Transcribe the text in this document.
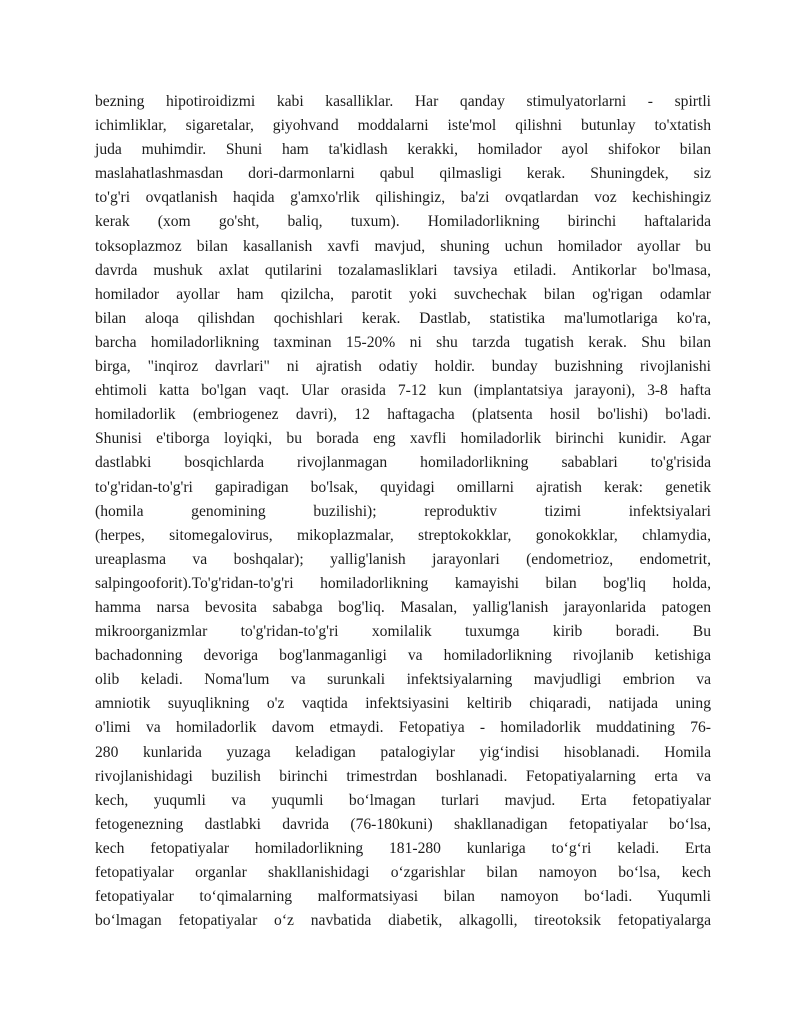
bezning hipotiroidizmi kabi kasalliklar. Har qanday stimulyatorlarni - spirtli
ichimliklar, sigaretalar, giyohvand moddalarni iste'mol qilishni butunlay to'xtatish
juda muhimdir. Shuni ham ta'kidlash kerakki, homilador ayol shifokor bilan
maslahatlashmasdan dori-darmonlarni qabul qilmasligi kerak. Shuningdek, siz
to'g'ri ovqatlanish haqida g'amxo'rlik qilishingiz, ba'zi ovqatlardan voz kechishingiz
kerak (xom go'sht, baliq, tuxum). Homiladorlikning birinchi haftalarida
toksoplazmoz bilan kasallanish xavfi mavjud, shuning uchun homilador ayollar bu
davrda mushuk axlat qutilarini tozalamasliklari tavsiya etiladi. Antikorlar bo'lmasa,
homilador ayollar ham qizilcha, parotit yoki suvchechak bilan og'rigan odamlar
bilan aloqa qilishdan qochishlari kerak. Dastlab, statistika ma'lumotlariga ko'ra,
barcha homiladorlikning taxminan 15-20% ni shu tarzda tugatish kerak. Shu bilan
birga, "inqiroz davrlari" ni ajratish odatiy holdir. bunday buzishning rivojlanishi
ehtimoli katta bo'lgan vaqt. Ular orasida 7-12 kun (implantatsiya jarayoni), 3-8 hafta
homiladorlik (embriogenez davri), 12 haftagacha (platsenta hosil bo'lishi) bo'ladi.
Shunisi e'tiborga loyiqki, bu borada eng xavfli homiladorlik birinchi kunidir. Agar
dastlabki bosqichlarda rivojlanmagan homiladorlikning sabablari to'g'risida
to'g'ridan-to'g'ri gapiradigan bo'lsak, quyidagi omillarni ajratish kerak: genetik
(homila genomining buzilishi); reproduktiv tizimi infektsiyalari
(herpes, sitomegalovirus, mikoplazmalar, streptokokklar, gonokokklar, chlamydia,
ureaplasma va boshqalar); yallig'lanish jarayonlari (endometrioz, endometrit,
salpingooforit).To'g'ridan-to'g'ri homiladorlikning kamayishi bilan bog'liq holda,
hamma narsa bevosita sababga bog'liq. Masalan, yallig'lanish jarayonlarida patogen
mikroorganizmlar to'g'ridan-to'g'ri xomilalik tuxumga kirib boradi. Bu
bachadonning devoriga bog'lanmaganligi va homiladorlikning rivojlanib ketishiga
olib keladi. Noma'lum va surunkali infektsiyalarning mavjudligi embrion va
amniotik suyuqlikning o'z vaqtida infektsiyasini keltirib chiqaradi, natijada uning
o'limi va homiladorlik davom etmaydi. Fetopatiya - homiladorlik muddatining 76-
280 kunlarida yuzaga keladigan patalogiylar yig‘indisi hisoblanadi. Homila
rivojlanishidagi buzilish birinchi trimestrdan boshlanadi. Fetopatiyalarning erta va
kech, yuqumli va yuqumli bo‘lmagan turlari mavjud. Erta fetopatiyalar
fetogenezning dastlabki davrida (76-180kuni) shakllanadigan fetopatiyalar bo‘lsa,
kech fetopatiyalar homiladorlikning 181-280 kunlariga to‘g‘ri keladi. Erta
fetopatiyalar organlar shakllanishidagi o‘zgarishlar bilan namoyon bo‘lsa, kech
fetopatiyalar to‘qimalarning malformatsiyasi bilan namoyon bo‘ladi. Yuqumli
bo‘lmagan fetopatiyalar o‘z navbatida diabetik, alkagolli, tireotoksik fetopatiyalarga
